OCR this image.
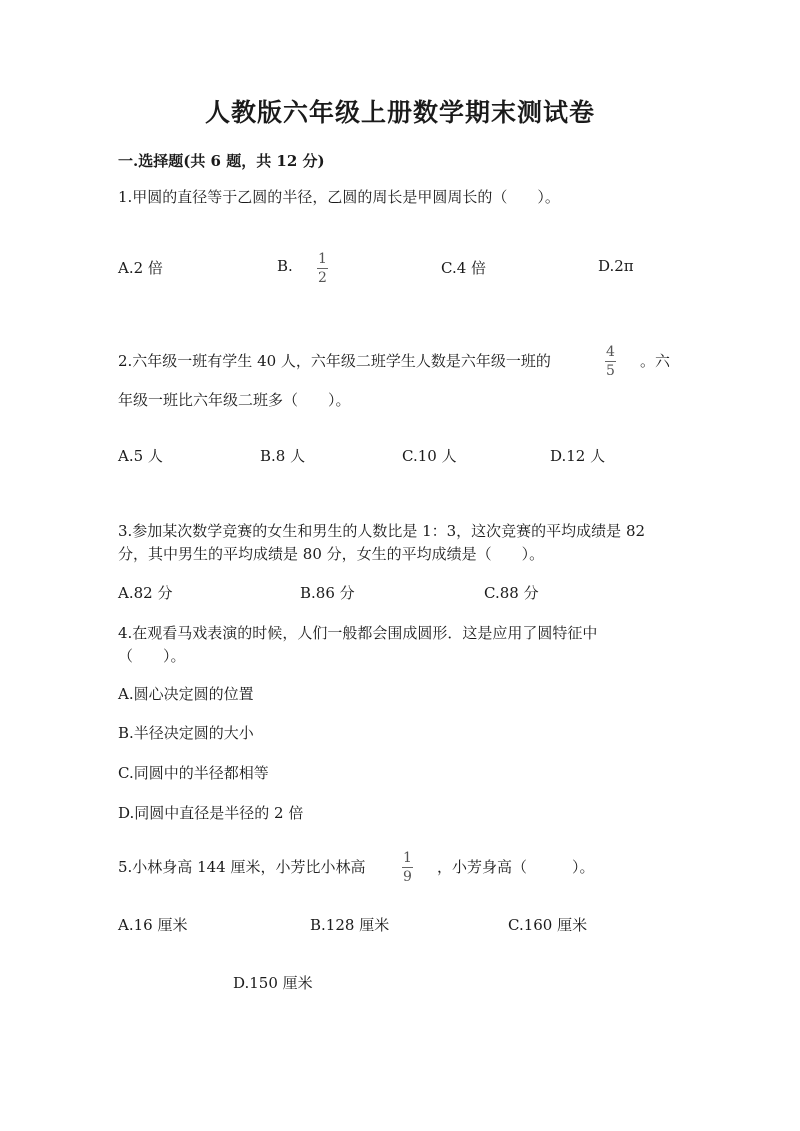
人教版六年级上册数学期末测试卷
一.选择题(共 6 题，共 12 分)
1.甲圆的直径等于乙圆的半径，乙圆的周长是甲圆周长的（　　）。
A.2 倍	B. 1
2
C.4 倍	D.2π
2.六年级一班有学生 40 人，六年级二班学生人数是六年级一班的	4
5
。六
年级一班比六年级二班多（　　）。
A.5 人	B.8 人	C.10 人	D.12 人
3.参加某次数学竞赛的女生和男生的人数比是 1：3，这次竞赛的平均成绩是 82
分，其中男生的平均成绩是 80 分，女生的平均成绩是（　　）。
A.82 分	B.86 分	C.88 分
4.在观看马戏表演的时候，人们一般都会围成圆形．这是应用了圆特征中
（　　）。
A.圆心决定圆的位置
B.半径决定圆的大小
C.同圆中的半径都相等
D.同圆中直径是半径的 2 倍
5.小林身高 144 厘米，小芳比小林高	1
9
，小芳身高（　　　）。
A.16 厘米	B.128 厘米	C.160 厘米
D.150 厘米
